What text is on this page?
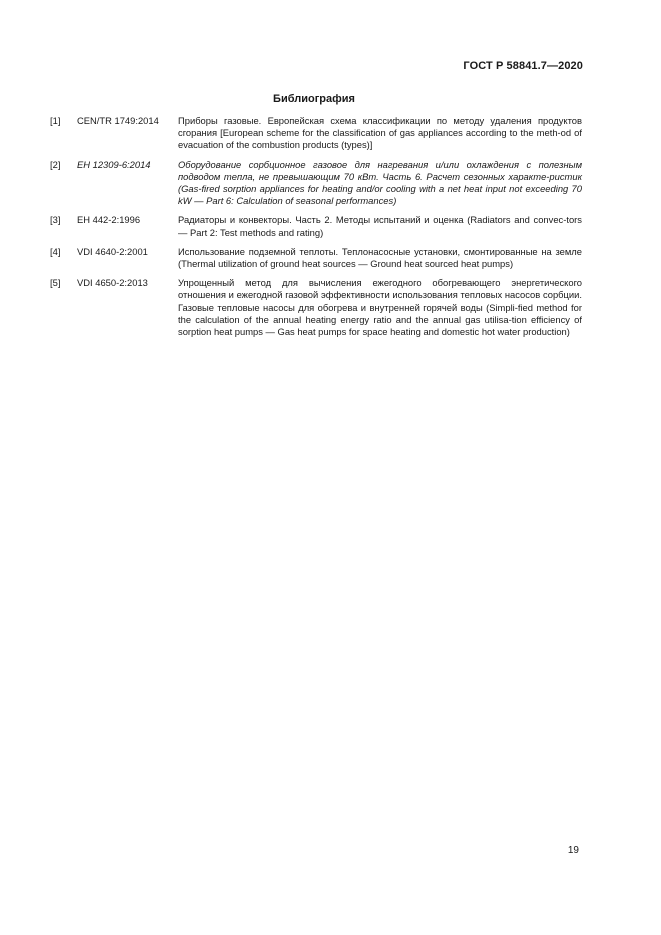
ГОСТ Р 58841.7—2020
Библиография
[1]	CEN/TR 1749:2014	Приборы газовые. Европейская схема классификации по методу удаления продуктов сгорания [European scheme for the classification of gas appliances according to the meth-od of evacuation of the combustion products (types)]
[2]	ЕН 12309-6:2014	Оборудование сорбционное газовое для нагревания и/или охлаждения с полезным подводом тепла, не превышающим 70 кВт. Часть 6. Расчет сезонных характе-ристик (Gas-fired sorption appliances for heating and/or cooling with a net heat input not exceeding 70 kW — Part 6: Calculation of seasonal performances)
[3]	ЕН 442-2:1996	Радиаторы и конвекторы. Часть 2. Методы испытаний и оценка (Radiators and convec-tors — Part 2: Test methods and rating)
[4]	VDI 4640-2:2001	Использование подземной теплоты. Теплонасосные установки, смонтированные на земле (Thermal utilization of ground heat sources — Ground heat sourced heat pumps)
[5]	VDI 4650-2:2013	Упрощенный метод для вычисления ежегодного обогревающего энергетического отношения и ежегодной газовой эффективности использования тепловых насосов сорбции. Газовые тепловые насосы для обогрева и внутренней горячей воды (Simpli-fied method for the calculation of the annual heating energy ratio and the annual gas utilisa-tion efficiency of sorption heat pumps — Gas heat pumps for space heating and domestic hot water production)
19
